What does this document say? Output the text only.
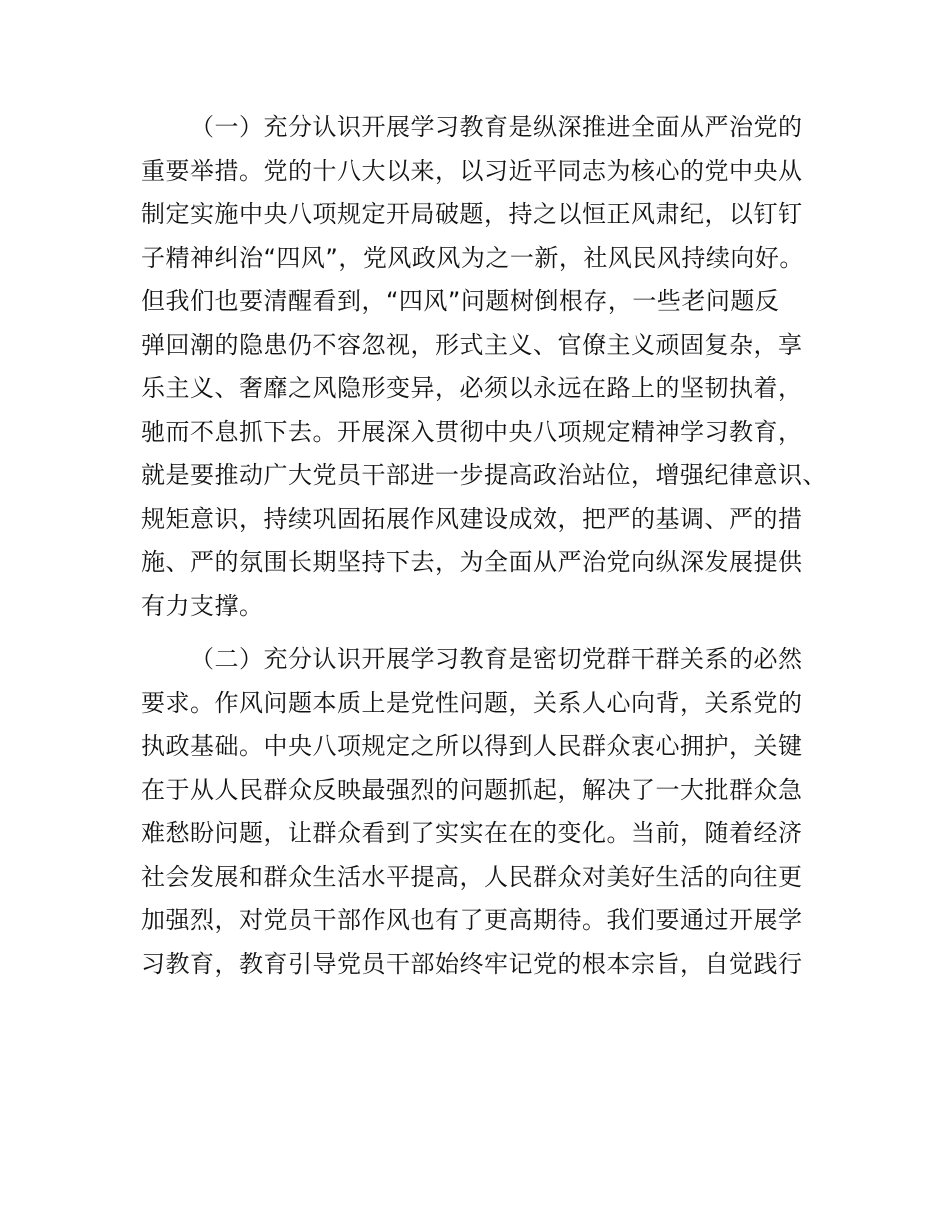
（一）充分认识开展学习教育是纵深推进全面从严治党的
重要举措。党的十八大以来，以习近平同志为核心的党中央从
制定实施中央八项规定开局破题，持之以恒正风肃纪，以钉钉
子精神纠治“四风”，党风政风为之一新，社风民风持续向好。
但我们也要清醒看到，“四风”问题树倒根存，一些老问题反
弹回潮的隐患仍不容忽视，形式主义、官僚主义顽固复杂，享
乐主义、奢靡之风隐形变异，必须以永远在路上的坚韧执着，
驰而不息抓下去。开展深入贯彻中央八项规定精神学习教育，
就是要推动广大党员干部进一步提高政治站位，增强纪律意识、
规矩意识，持续巩固拓展作风建设成效，把严的基调、严的措
施、严的氛围长期坚持下去，为全面从严治党向纵深发展提供
有力支撑。
（二）充分认识开展学习教育是密切党群干群关系的必然
要求。作风问题本质上是党性问题，关系人心向背，关系党的
执政基础。中央八项规定之所以得到人民群众衷心拥护，关键
在于从人民群众反映最强烈的问题抓起，解决了一大批群众急
难愁盼问题，让群众看到了实实在在的变化。当前，随着经济
社会发展和群众生活水平提高，人民群众对美好生活的向往更
加强烈，对党员干部作风也有了更高期待。我们要通过开展学
习教育，教育引导党员干部始终牢记党的根本宗旨，自觉践行
